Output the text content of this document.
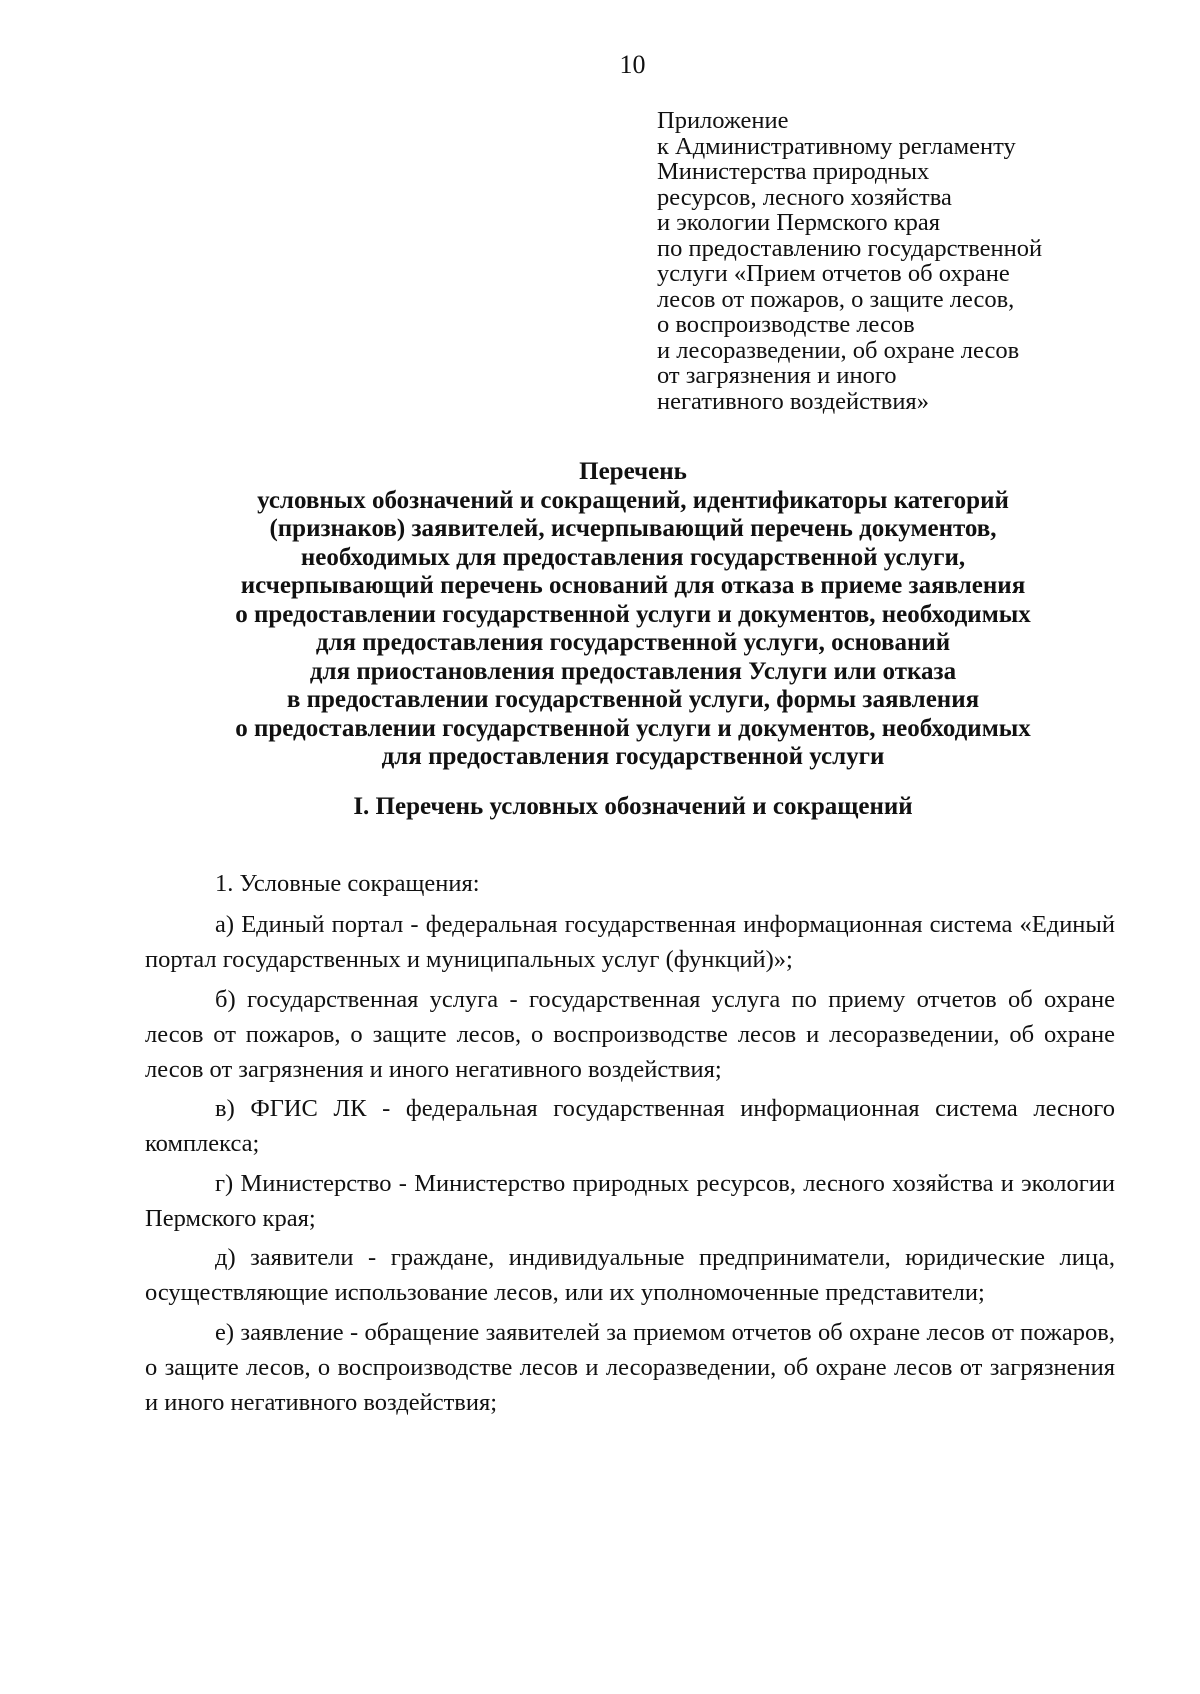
10
Приложение
к Административному регламенту
Министерства природных
ресурсов, лесного хозяйства
и экологии Пермского края
по предоставлению государственной
услуги «Прием отчетов об охране
лесов от пожаров, о защите лесов,
о воспроизводстве лесов
и лесоразведении, об охране лесов
от загрязнения и иного
негативного воздействия»
Перечень
условных обозначений и сокращений, идентификаторы категорий
(признаков) заявителей, исчерпывающий перечень документов,
необходимых для предоставления государственной услуги,
исчерпывающий перечень оснований для отказа в приеме заявления
о предоставлении государственной услуги и документов, необходимых
для предоставления государственной услуги, оснований
для приостановления предоставления Услуги или отказа
в предоставлении государственной услуги, формы заявления
о предоставлении государственной услуги и документов, необходимых
для предоставления государственной услуги
I. Перечень условных обозначений и сокращений

1. Условные сокращения:

а) Единый портал - федеральная государственная информационная система «Единый портал государственных и муниципальных услуг (функций)»;

б) государственная услуга - государственная услуга по приему отчетов об охране лесов от пожаров, о защите лесов, о воспроизводстве лесов и лесоразведении, об охране лесов от загрязнения и иного негативного воздействия;

в) ФГИС ЛК - федеральная государственная информационная система лесного комплекса;

г) Министерство - Министерство природных ресурсов, лесного хозяйства и экологии Пермского края;

д) заявители - граждане, индивидуальные предприниматели, юридические лица, осуществляющие использование лесов, или их уполномоченные представители;

е) заявление - обращение заявителей за приемом отчетов об охране лесов от пожаров, о защите лесов, о воспроизводстве лесов и лесоразведении, об охране лесов от загрязнения и иного негативного воздействия;
